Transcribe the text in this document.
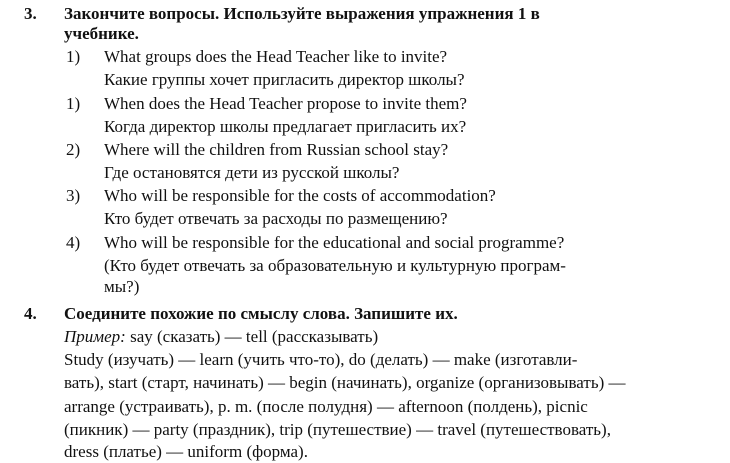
3. Закончите вопросы. Используйте выражения упражнения 1 в
учебнике.
1) What groups does the Head Teacher like to invite?
Какие группы хочет пригласить директор школы?
1) When does the Head Teacher propose to invite them?
Когда директор школы предлагает пригласить их?
2) Where will the children from Russian school stay?
Где остановятся дети из русской школы?
3) Who will be responsible for the costs of accommodation?
Кто будет отвечать за расходы по размещению?
4) Who will be responsible for the educational and social programme?
(Кто будет отвечать за образовательную и культурную програм-
мы?)
4. Соедините похожие по смыслу слова. Запишите их.
Пример: say (сказать) — tell (рассказывать)
Study (изучать) — learn (учить что-то), do (делать) — make (изготавли-
вать), start (старт, начинать) — begin (начинать), organize (организовывать) —
arrange (устраивать), p. m. (после полудня) — afternoon (полдень), picnic
(пикник) — party (праздник), trip (путешествие) — travel (путешествовать),
dress (платье) — uniform (форма).
